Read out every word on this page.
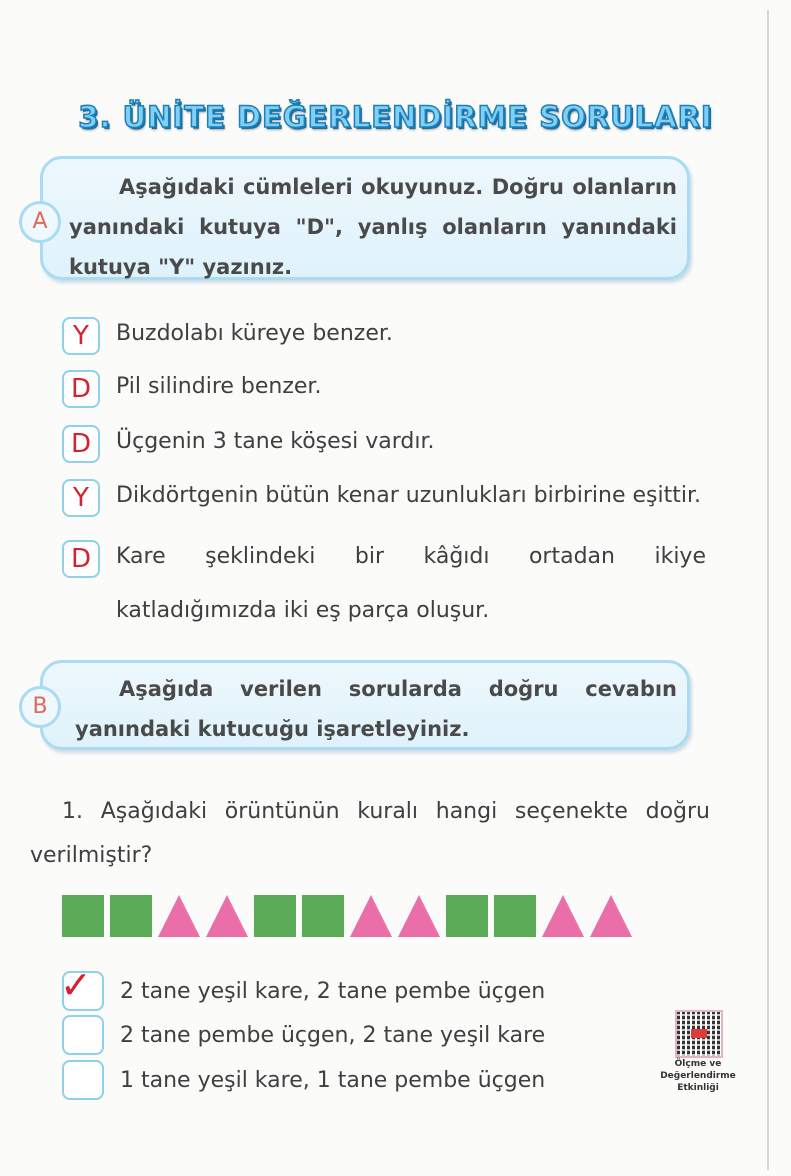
3. ÜNİTE DEĞERLENDİRME SORULARI

Aşağıdaki cümleleri okuyunuz. Doğru olanların yanındaki kutuya "D", yanlış olanların yanındaki kutuya "Y" yazınız.

A
Y	Buzdolabı küreye benzer.
D	Pil silindire benzer.
D	Üçgenin 3 tane köşesi vardır.
Y	Dikdörtgenin bütün kenar uzunlukları birbirine eşittir.
D	Kare şeklindeki bir kâğıdı ortadan ikiye katladığımızda iki eş parça oluşur.

Aşağıda verilen sorularda doğru cevabın yanındaki kutucuğu işaretleyiniz.

B
1. Aşağıdaki örüntünün kuralı hangi seçenekte doğru verilmiştir?
✓ 2 tane yeşil kare, 2 tane pembe üçgen
2 tane pembe üçgen, 2 tane yeşil kare
1 tane yeşil kare, 1 tane pembe üçgen
Ölçme ve
Değerlendirme
Etkinliği
